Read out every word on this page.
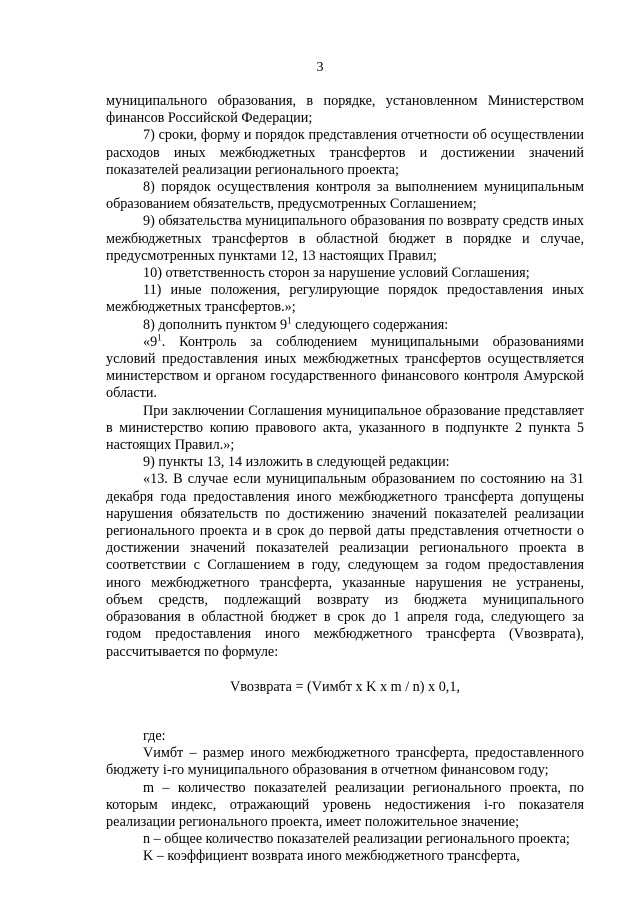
3

муниципального образования, в порядке, установленном Министерством финансов Российской Федерации;

7) сроки, форму и порядок представления отчетности об осуществлении расходов иных межбюджетных трансфертов и достижении значений показателей реализации регионального проекта;

8) порядок осуществления контроля за выполнением муниципальным образованием обязательств, предусмотренных Соглашением;

9) обязательства муниципального образования по возврату средств иных межбюджетных трансфертов в областной бюджет в порядке и случае, предусмотренных пунктами 12, 13 настоящих Правил;

10) ответственность сторон за нарушение условий Соглашения;

11) иные положения, регулирующие порядок предоставления иных межбюджетных трансфертов.»;

8) дополнить пунктом $9^1$ следующего содержания:

«$9^1$. Контроль за соблюдением муниципальными образованиями условий предоставления иных межбюджетных трансфертов осуществляется министерством и органом государственного финансового контроля Амурской области.

При заключении Соглашения муниципальное образование представляет в министерство копию правового акта, указанного в подпункте 2 пункта 5 настоящих Правил.»;

9) пункты 13, 14 изложить в следующей редакции:

«13. В случае если муниципальным образованием по состоянию на 31 декабря года предоставления иного межбюджетного трансферта допущены нарушения обязательств по достижению значений показателей реализации регионального проекта и в срок до первой даты представления отчетности о достижении значений показателей реализации регионального проекта в соответствии с Соглашением в году, следующем за годом предоставления иного межбюджетного трансферта, указанные нарушения не устранены, объем средств, подлежащий возврату из бюджета муниципального образования в областной бюджет в срок до 1 апреля года, следующего за годом предоставления иного межбюджетного трансферта (Vвозврата), рассчитывается по формуле:

Vвозврата = (Vимбт x K x m / n) x 0,1,

где:

Vимбт – размер иного межбюджетного трансферта, предоставленного бюджету i-го муниципального образования в отчетном финансовом году;

m – количество показателей реализации регионального проекта, по которым индекс, отражающий уровень недостижения i-го показателя реализации регионального проекта, имеет положительное значение;

n – общее количество показателей реализации регионального проекта;

K – коэффициент возврата иного межбюджетного трансферта,
